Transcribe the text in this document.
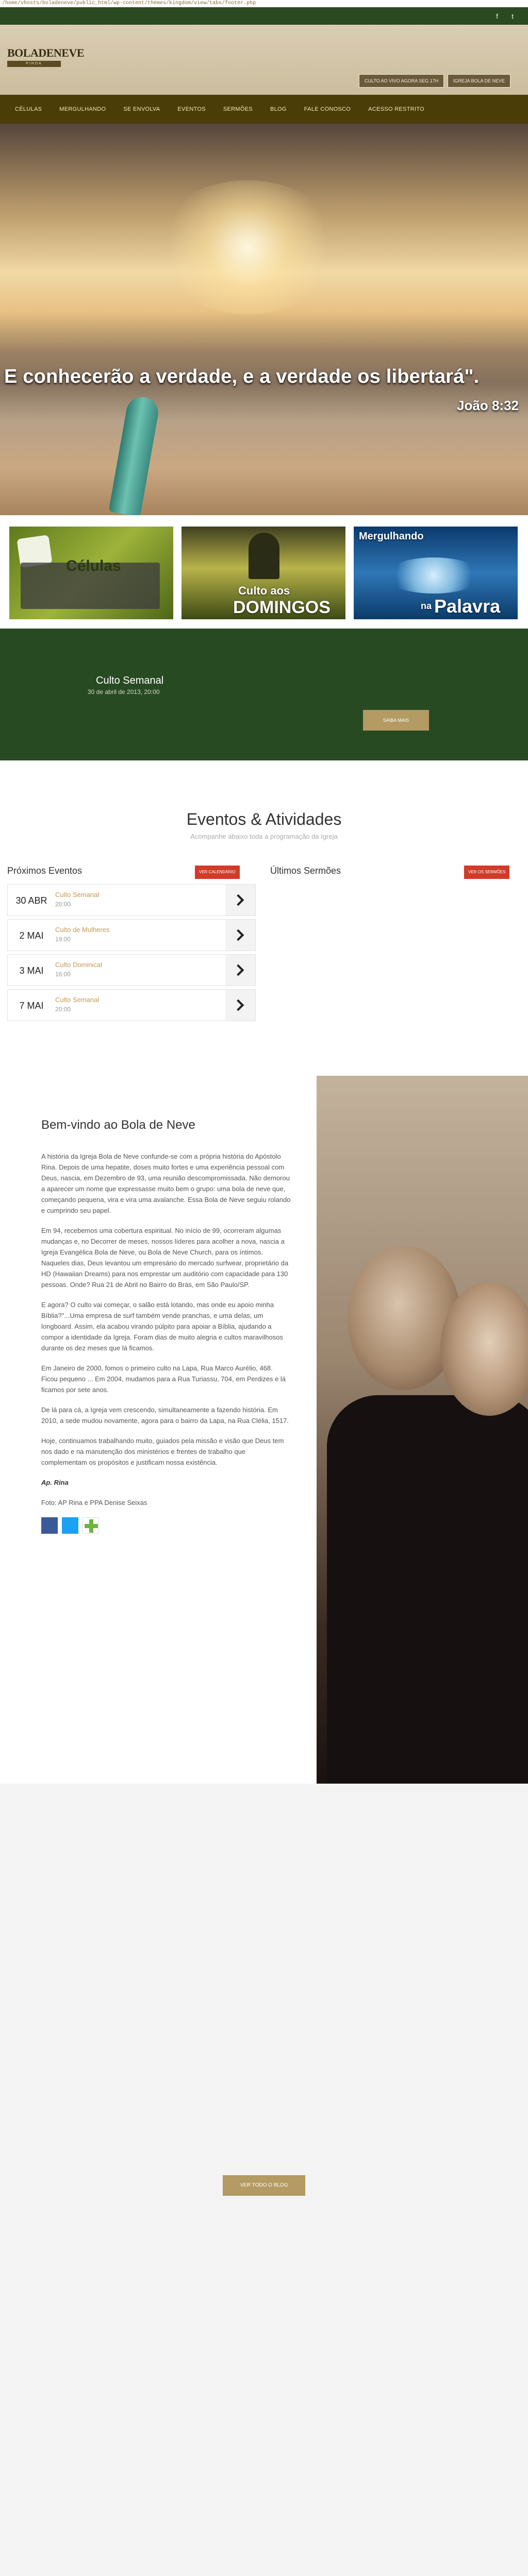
/home/vhosts/boladeneve/public_html/wp-content/themes/kingdom/view/tabs/footer.php
f	t
BOLADENEVE
PINDA
CULTO AO VIVO AGORA SEG 17H	IGREJA BOLA DE NEVE
CÉLULAS	MERGULHANDO	SE ENVOLVA	EVENTOS	SERMÕES	BLOG	FALE CONOSCO	ACESSO RESTRITO
E conhecerão a verdade, e a verdade os libertará".
João 8:32
Células
Culto aos
DOMINGOS
Mergulhando
na Palavra
Culto Semanal
30 de abril de 2013, 20:00
SAIBA MAIS
Eventos & Atividades
Acompanhe abaixo toda a programação da Igreja
Próximos Eventos	VER CALENDÁRIO	Últimos Sermões	VER OS SERMÕES
30 ABR
Culto Semanal
20:00
2 MAI
Culto de Mulheres
19:00
3 MAI
Culto Dominical
16:00
7 MAI
Culto Semanal
20:00
Bem-vindo ao Bola de Neve

A história da Igreja Bola de Neve confunde-se com a própria história do Apóstolo Rina. Depois de uma hepatite, doses muito fortes e uma experiência pessoal com Deus, nascia, em Dezembro de 93, uma reunião descompromissada. Não demorou a aparecer um nome que expressasse muito bem o grupo: uma bola de neve que, começando pequena, vira e vira uma avalanche. Essa Bola de Neve seguiu rolando e cumprindo seu papel.

Em 94, recebemos uma cobertura espiritual. No início de 99, ocorreram algumas mudanças e, no Decorrer de meses, nossos líderes para acolher a nova, nascia a Igreja Evangélica Bola de Neve, ou Bola de Neve Church, para os íntimos. Naqueles dias, Deus levantou um empresário do mercado surfwear, proprietário da HD (Hawaiian Dreams) para nos emprestar um auditório com capacidade para 130 pessoas. Onde? Rua 21 de Abril no Bairro do Brás, em São Paulo/SP.

E agora? O culto vai começar, o salão está lotando, mas onde eu apoio minha Bíblia?"...Uma empresa de surf também vende pranchas, e uma delas, um longboard. Assim, ela acabou virando púlpito para apoiar a Bíblia, ajudando a compor a identidade da Igreja. Foram dias de muito alegria e cultos maravilhosos durante os dez meses que lá ficamos.

Em Janeiro de 2000, fomos o primeiro culto na Lapa, Rua Marco Aurélio, 468. Ficou pequeno ... Em 2004, mudamos para a Rua Turiassu, 704, em Perdizes e lá ficamos por sete anos.

De lá para cá, a Igreja vem crescendo, simultaneamente a fazendo história. Em 2010, a sede mudou novamente, agora para o bairro da Lapa, na Rua Clélia, 1517.

Hoje, continuamos trabalhando muito, guiados pela missão e visão que Deus tem nos dado e na manutenção dos ministérios e frentes de trabalho que complementam os propósitos e justificam nossa existência.

Ap. Rina

Foto: AP Rina e PPA Denise Seixas

VER TODO O BLOG
